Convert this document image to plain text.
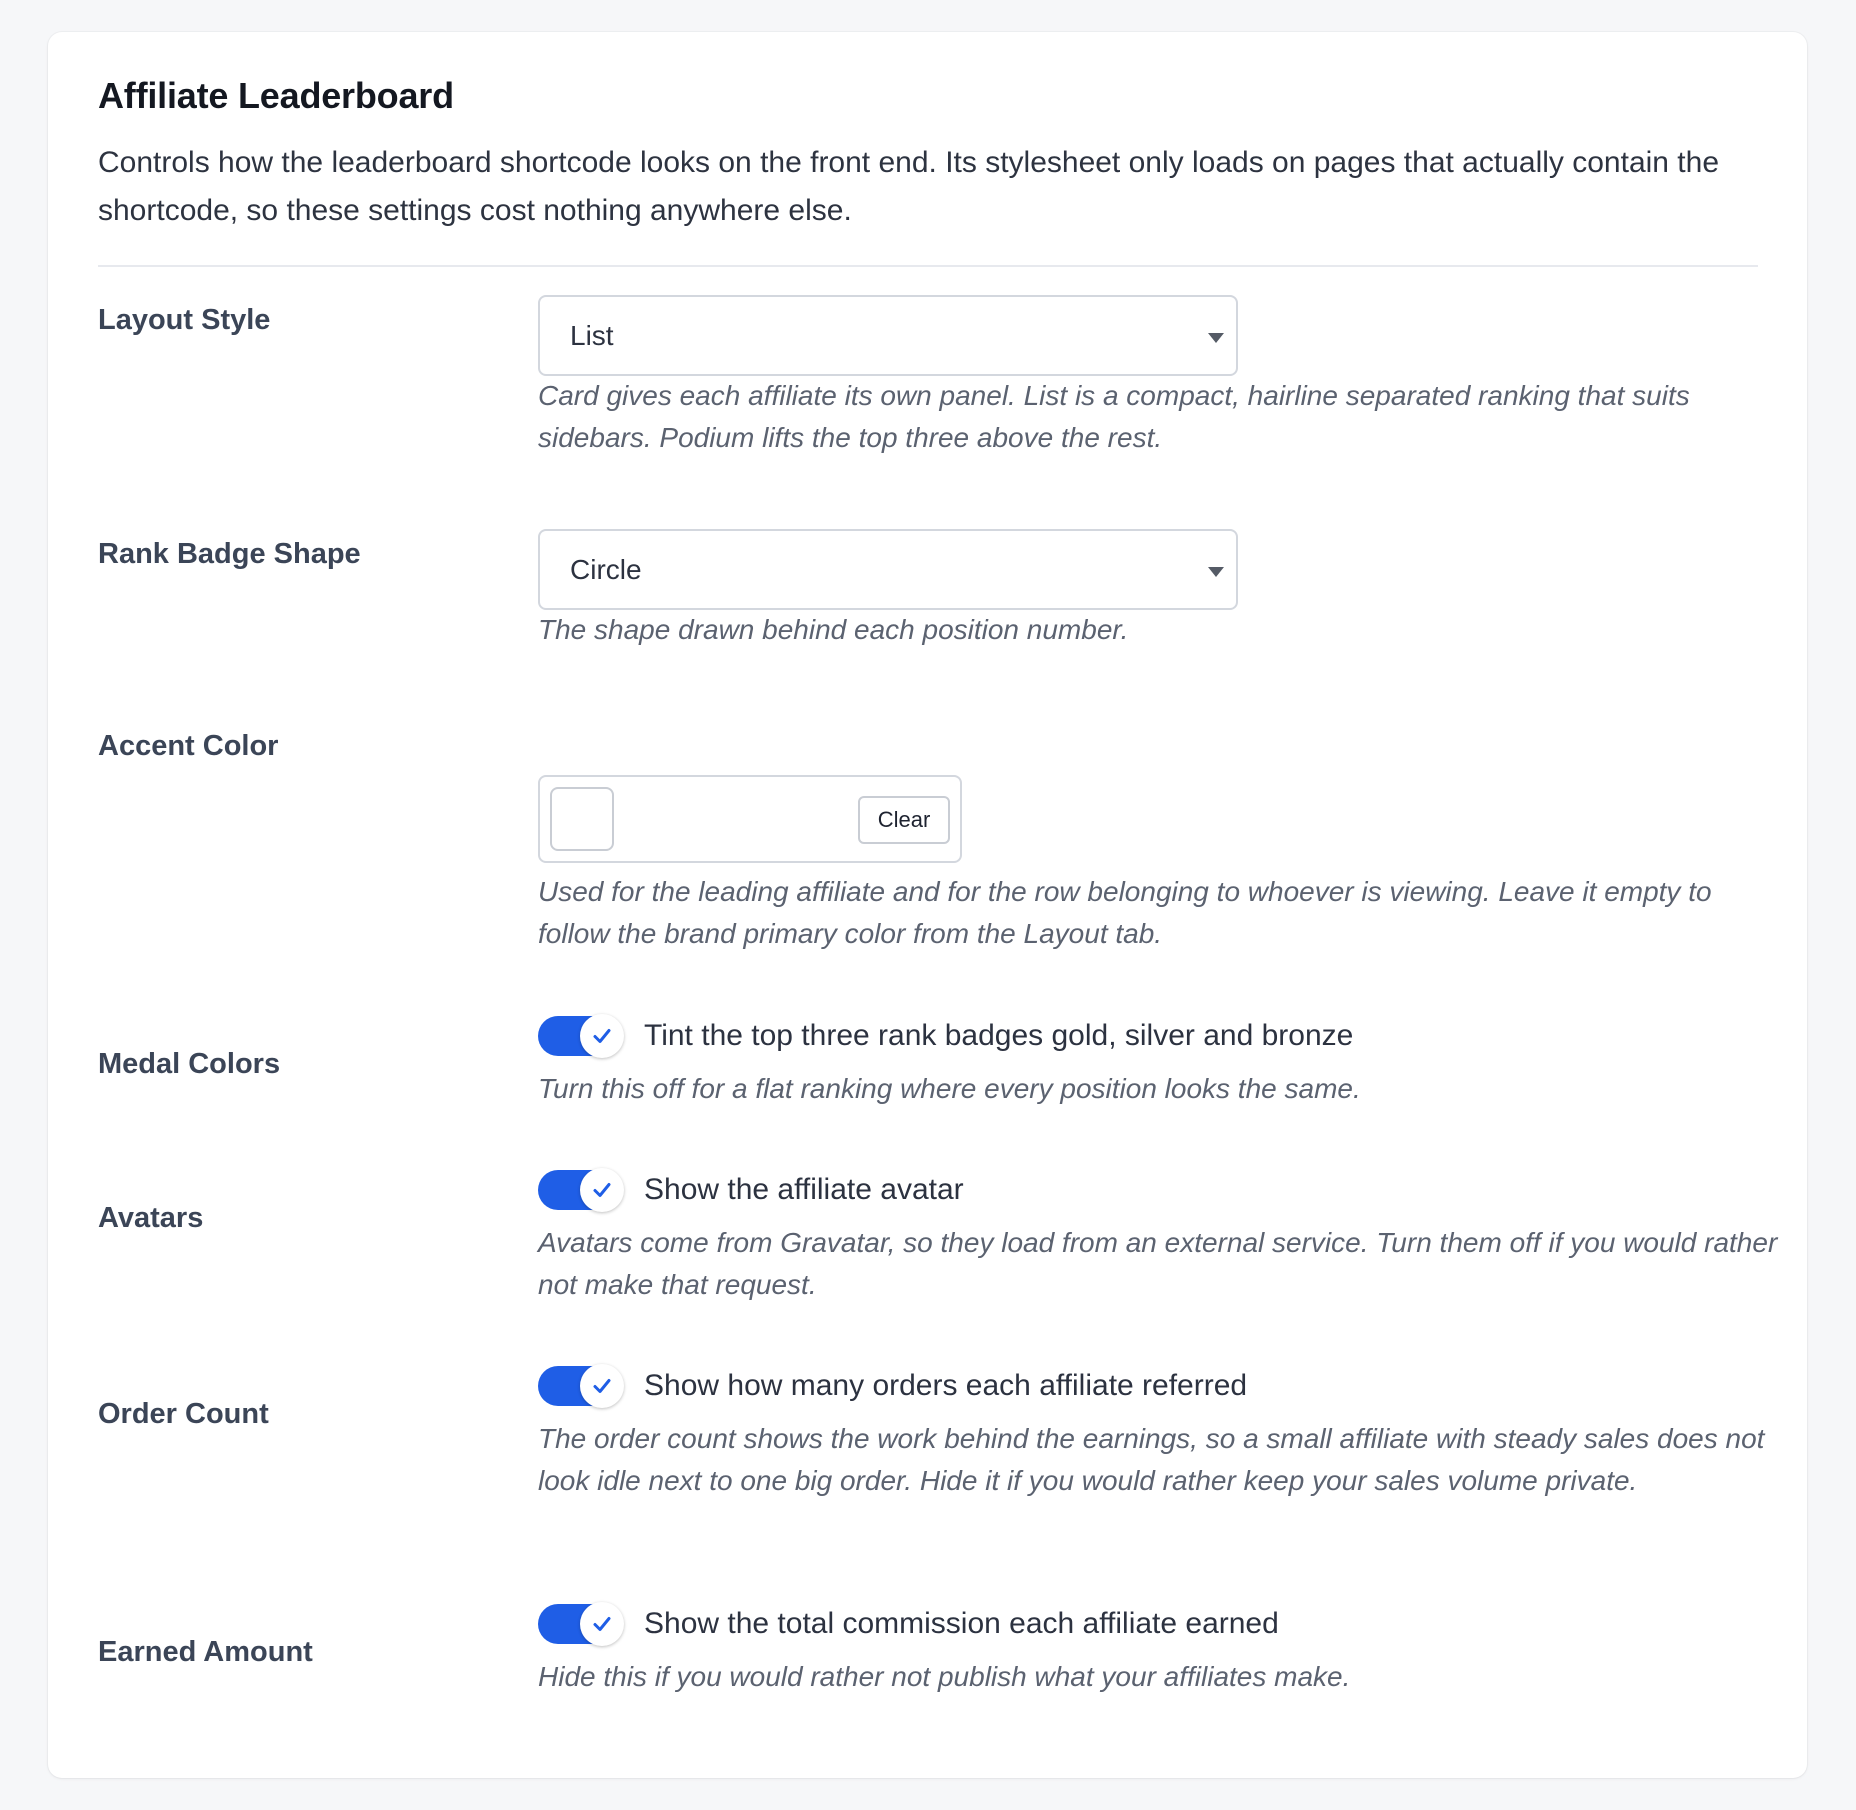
Affiliate Leaderboard

Controls how the leaderboard shortcode looks on the front end. Its stylesheet only loads on pages that actually contain the shortcode, so these settings cost nothing anywhere else.

Layout Style	List

Card gives each affiliate its own panel. List is a compact, hairline separated ranking that suits sidebars. Podium lifts the top three above the rest.

Rank Badge Shape	Circle

The shape drawn behind each position number.

Accent Color
Clear

Used for the leading affiliate and for the row belonging to whoever is viewing. Leave it empty to follow the brand primary color from the Layout tab.

Medal Colors
Tint the top three rank badges gold, silver and bronze

Turn this off for a flat ranking where every position looks the same.

Avatars
Show the affiliate avatar

Avatars come from Gravatar, so they load from an external service. Turn them off if you would rather not make that request.

Order Count
Show how many orders each affiliate referred

The order count shows the work behind the earnings, so a small affiliate with steady sales does not look idle next to one big order. Hide it if you would rather keep your sales volume private.

Earned Amount
Show the total commission each affiliate earned

Hide this if you would rather not publish what your affiliates make.
